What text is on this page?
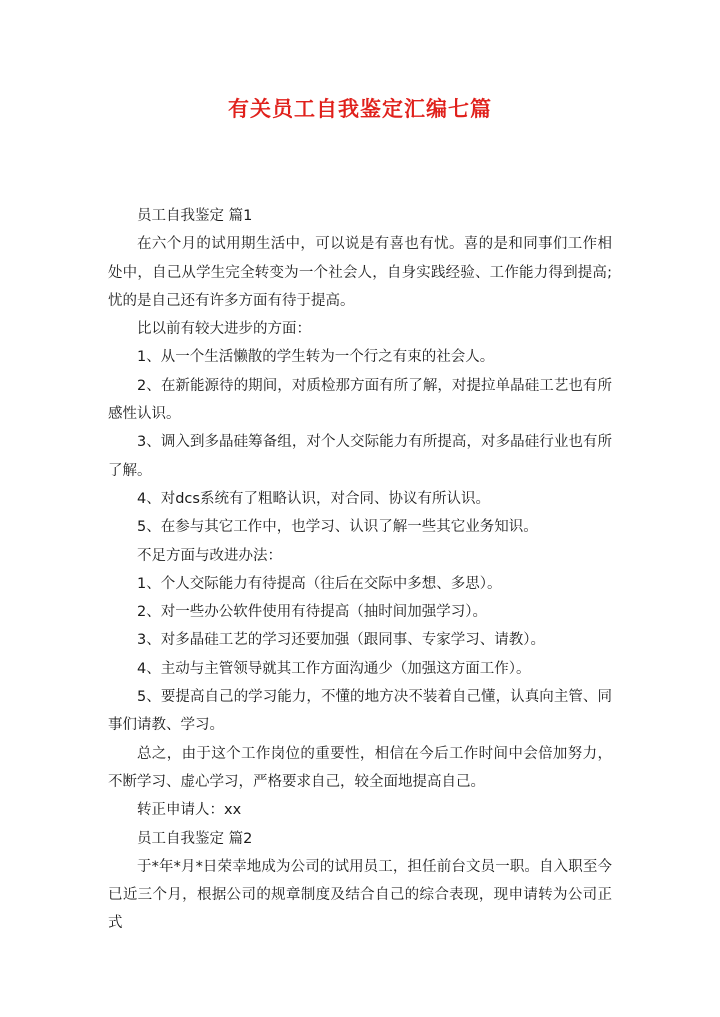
有关员工自我鉴定汇编七篇

员工自我鉴定 篇1

在六个月的试用期生活中，可以说是有喜也有忧。喜的是和同事们工作相处中，自己从学生完全转变为一个社会人，自身实践经验、工作能力得到提高;忧的是自己还有许多方面有待于提高。

比以前有较大进步的方面：

1、从一个生活懒散的学生转为一个行之有束的社会人。

2、在新能源待的期间，对质检那方面有所了解，对提拉单晶硅工艺也有所感性认识。

3、调入到多晶硅筹备组，对个人交际能力有所提高，对多晶硅行业也有所了解。

4、对dcs系统有了粗略认识，对合同、协议有所认识。

5、在参与其它工作中，也学习、认识了解一些其它业务知识。

不足方面与改进办法：

1、个人交际能力有待提高（往后在交际中多想、多思）。

2、对一些办公软件使用有待提高（抽时间加强学习）。

3、对多晶硅工艺的学习还要加强（跟同事、专家学习、请教）。

4、主动与主管领导就其工作方面沟通少（加强这方面工作）。

5、要提高自己的学习能力，不懂的地方决不装着自己懂，认真向主管、同事们请教、学习。

总之，由于这个工作岗位的重要性，相信在今后工作时间中会倍加努力，不断学习、虚心学习，严格要求自己，较全面地提高自己。

转正申请人：xx

员工自我鉴定 篇2

于*年*月*日荣幸地成为公司的试用员工，担任前台文员一职。自入职至今已近三个月，根据公司的规章制度及结合自己的综合表现，现申请转为公司正式
